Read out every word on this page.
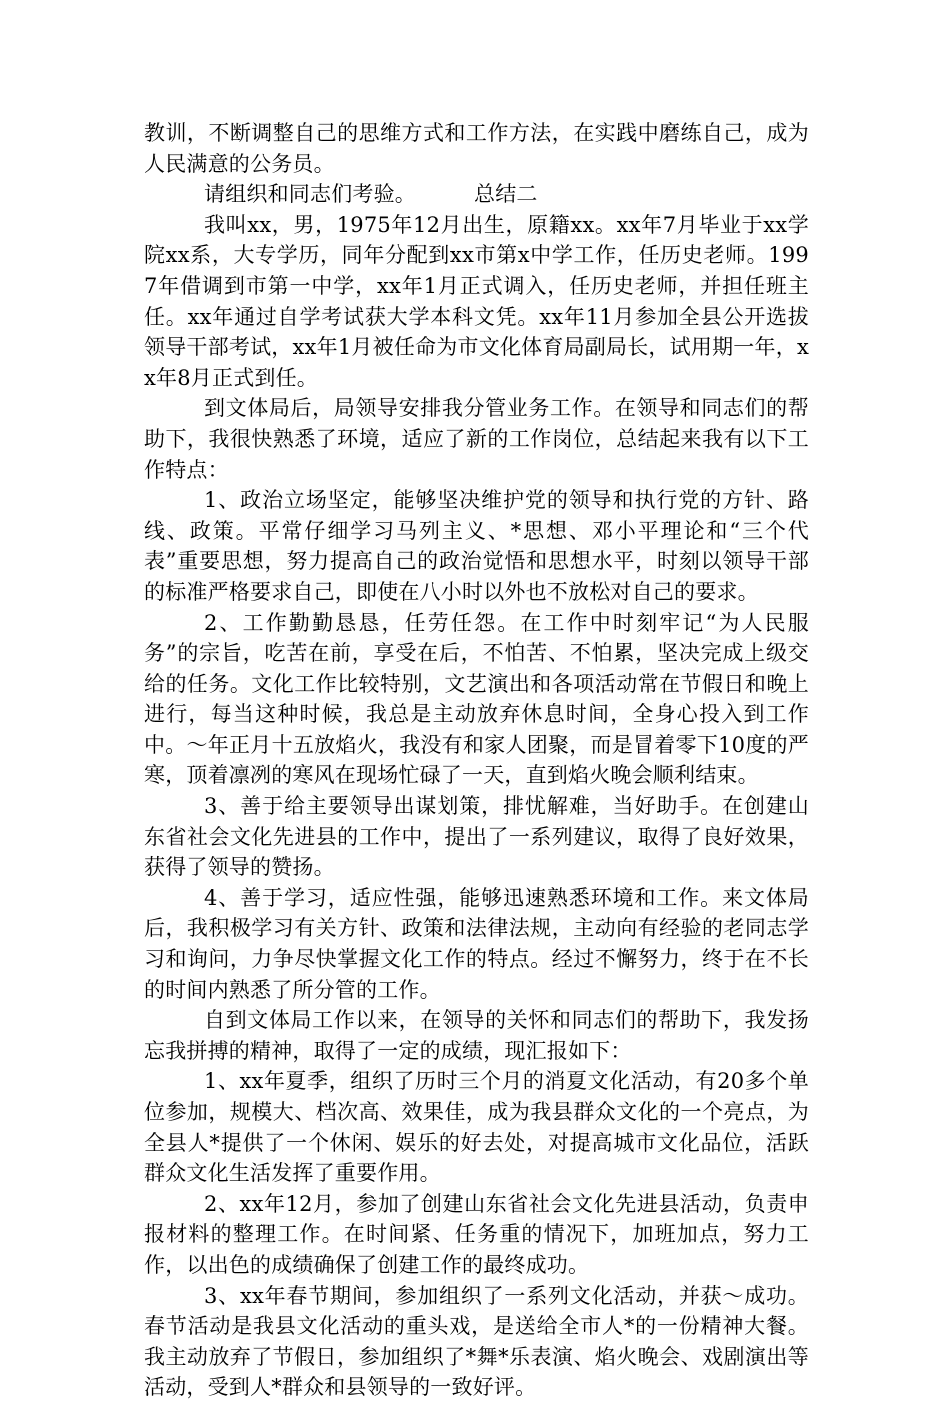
教训，不断调整自己的思维方式和工作方法，在实践中磨练自己，成为人民满意的公务员。

请组织和同志们考验。	总结二

我叫xx，男，1975年12月出生，原籍xx。xx年7月毕业于xx学院xx系，大专学历，同年分配到xx市第x中学工作，任历史老师。1997年借调到市第一中学，xx年1月正式调入，任历史老师，并担任班主任。xx年通过自学考试获大学本科文凭。xx年11月参加全县公开选拔领导干部考试，xx年1月被任命为市文化体育局副局长，试用期一年，xx年8月正式到任。

到文体局后，局领导安排我分管业务工作。在领导和同志们的帮助下，我很快熟悉了环境，适应了新的工作岗位，总结起来我有以下工作特点：

1、政治立场坚定，能够坚决维护党的领导和执行党的方针、路线、政策。平常仔细学习马列主义、*思想、邓小平理论和“三个代表”重要思想，努力提高自己的政治觉悟和思想水平，时刻以领导干部的标准严格要求自己，即使在八小时以外也不放松对自己的要求。

2、工作勤勤恳恳，任劳任怨。在工作中时刻牢记“为人民服务”的宗旨，吃苦在前，享受在后，不怕苦、不怕累，坚决完成上级交给的任务。文化工作比较特别，文艺演出和各项活动常在节假日和晚上进行，每当这种时候，我总是主动放弃休息时间，全身心投入到工作中。～年正月十五放焰火，我没有和家人团聚，而是冒着零下10度的严寒，顶着凛冽的寒风在现场忙碌了一天，直到焰火晚会顺利结束。

3、善于给主要领导出谋划策，排忧解难，当好助手。在创建山东省社会文化先进县的工作中，提出了一系列建议，取得了良好效果，获得了领导的赞扬。

4、善于学习，适应性强，能够迅速熟悉环境和工作。来文体局后，我积极学习有关方针、政策和法律法规，主动向有经验的老同志学习和询问，力争尽快掌握文化工作的特点。经过不懈努力，终于在不长的时间内熟悉了所分管的工作。

自到文体局工作以来，在领导的关怀和同志们的帮助下，我发扬忘我拼搏的精神，取得了一定的成绩，现汇报如下：

1、xx年夏季，组织了历时三个月的消夏文化活动，有20多个单位参加，规模大、档次高、效果佳，成为我县群众文化的一个亮点，为全县人*提供了一个休闲、娱乐的好去处，对提高城市文化品位，活跃群众文化生活发挥了重要作用。

2、xx年12月，参加了创建山东省社会文化先进县活动，负责申报材料的整理工作。在时间紧、任务重的情况下，加班加点，努力工作，以出色的成绩确保了创建工作的最终成功。

3、xx年春节期间，参加组织了一系列文化活动，并获～成功。春节活动是我县文化活动的重头戏，是送给全市人*的一份精神大餐。我主动放弃了节假日，参加组织了*舞*乐表演、焰火晚会、戏剧演出等活动，受到人*群众和县领导的一致好评。
